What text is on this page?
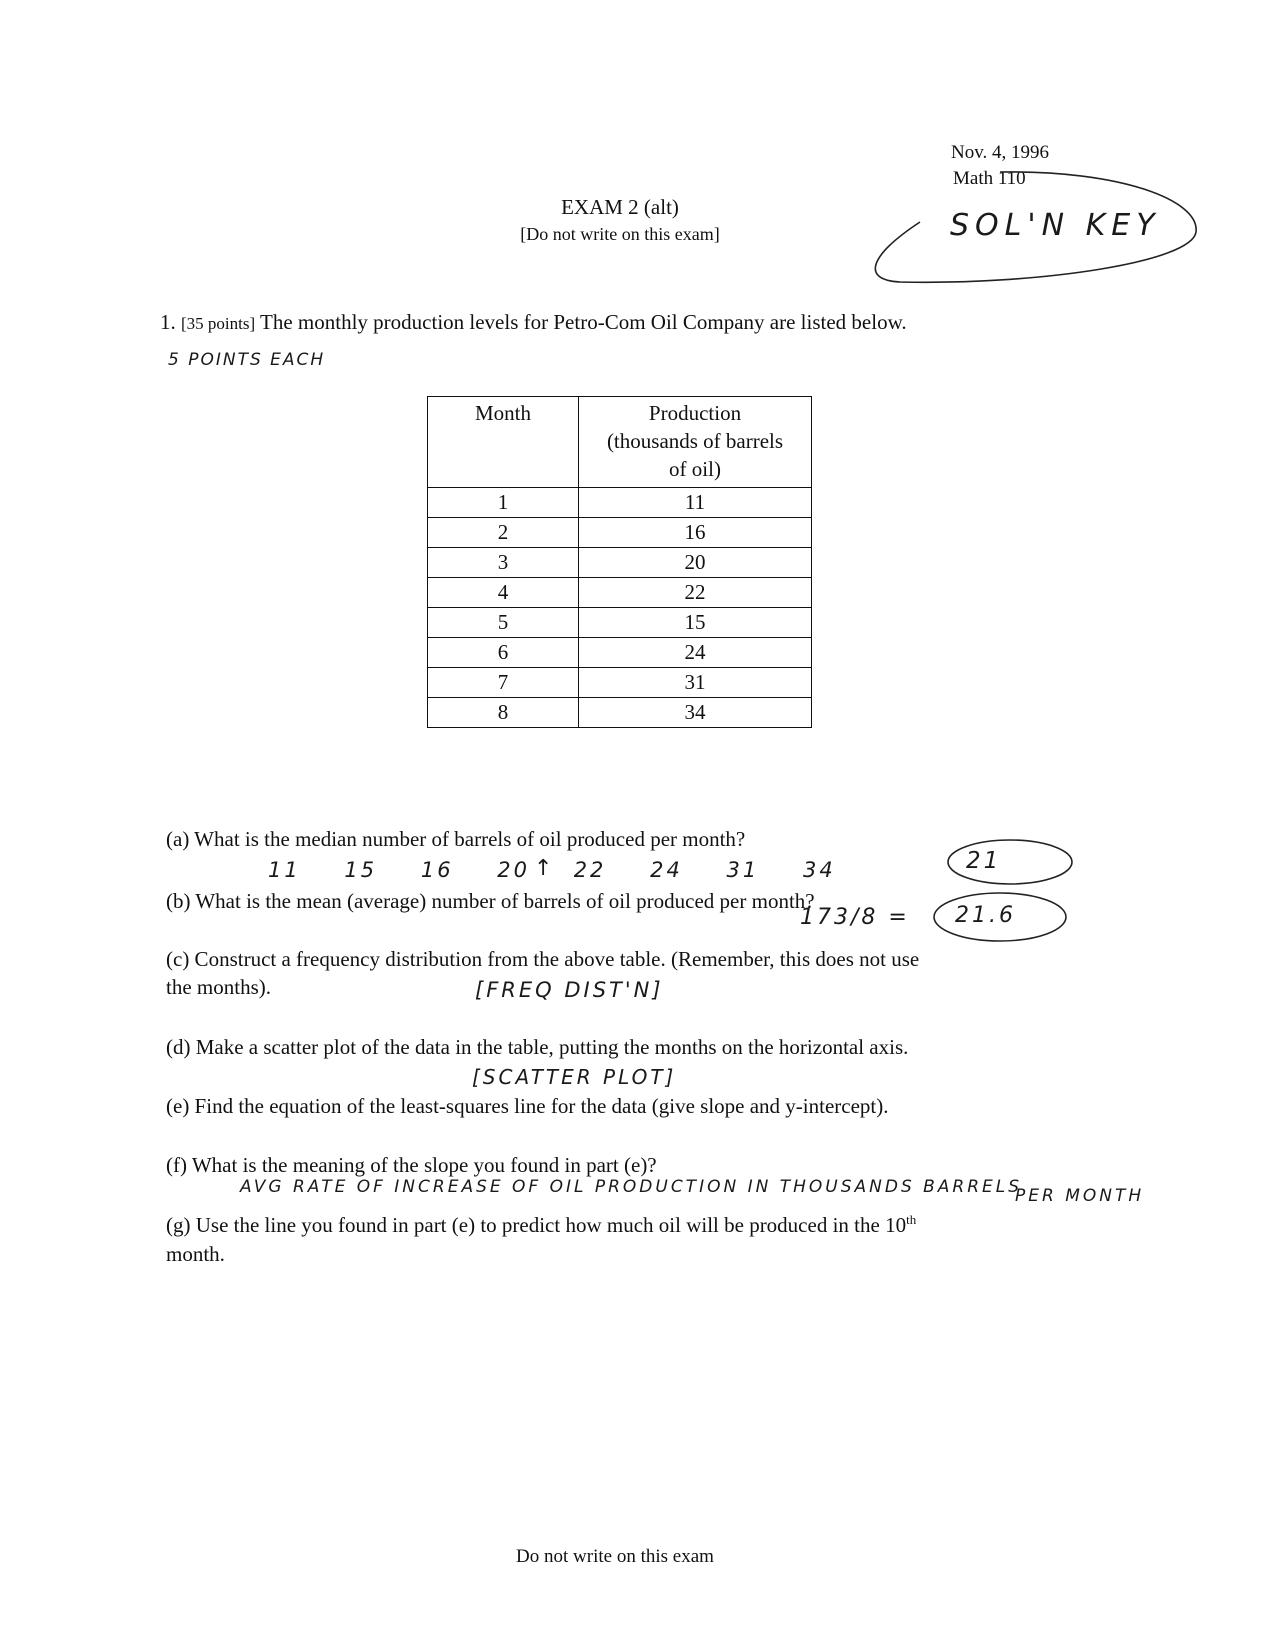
Nov. 4, 1996
Math 110
EXAM 2 (alt)
[Do not write on this exam]
1. [35 points] The monthly production levels for Petro-Com Oil Company are listed below.
Month	Production
(thousands of barrels
of oil)

1	11
2	16
3	20
4	22
5	15
6	24
7	31
8	34
(a) What is the median number of barrels of oil produced per month?
(b) What is the mean (average) number of barrels of oil produced per month?
(c) Construct a frequency distribution from the above table. (Remember, this does not use
the months).
(d) Make a scatter plot of the data in the table, putting the months on the horizontal axis.
(e) Find the equation of the least-squares line for the data (give slope and y-intercept).
(f) What is the meaning of the slope you found in part (e)?
(g) Use the line you found in part (e) to predict how much oil will be produced in the 10th
month.
SOL'N KEY
5 POINTS EACH
11 15 16 20 22 24 31 34
↑	21
173/8 = 21.6
[FREQ DIST'N]
[SCATTER PLOT]
AVG RATE OF INCREASE OF OIL PRODUCTION IN THOUSANDS BARRELS
PER MONTH
Do not write on this exam
